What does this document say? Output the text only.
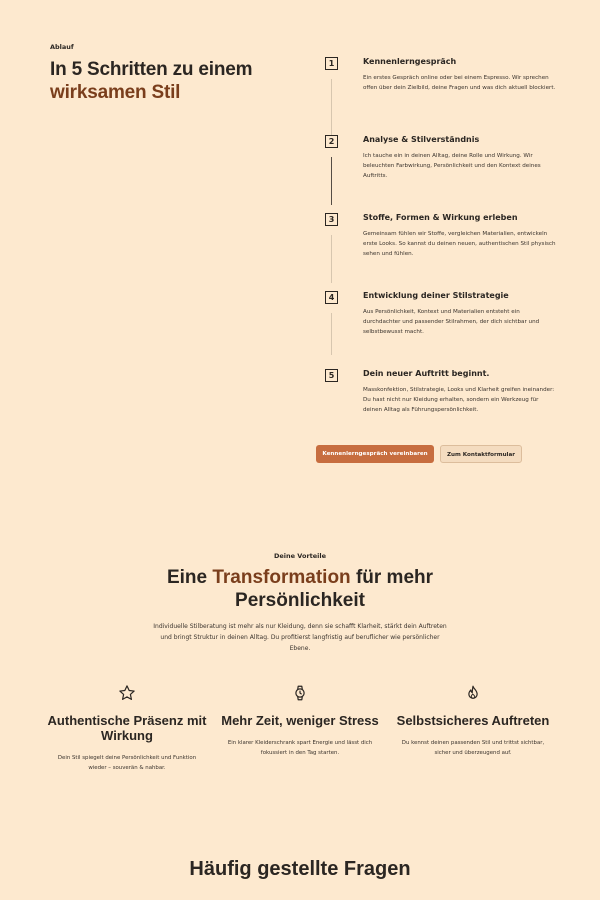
Ablauf
In 5 Schritten zu einem
wirksamen Stil
1	Kennenlerngespräch
Ein erstes Gespräch online oder bei einem Espresso. Wir sprechen offen über dein Zielbild, deine Fragen und was dich aktuell blockiert.
2	Analyse & Stilverständnis
Ich tauche ein in deinen Alltag, deine Rolle und Wirkung. Wir beleuchten Farbwirkung, Persönlichkeit und den Kontext deines Auftritts.
3	Stoffe, Formen & Wirkung erleben
Gemeinsam fühlen wir Stoffe, vergleichen Materialien, entwickeln erste Looks. So kannst du deinen neuen, authentischen Stil physisch sehen und fühlen.
4	Entwicklung deiner Stilstrategie
Aus Persönlichkeit, Kontext und Materialien entsteht ein durchdachter und passender Stilrahmen, der dich sichtbar und selbstbewusst macht.
5	Dein neuer Auftritt beginnt.
Masskonfektion, Stilstrategie, Looks und Klarheit greifen ineinander: Du hast nicht nur Kleidung erhalten, sondern ein Werkzeug für deinen Alltag als Führungspersönlichkeit.
Kennenlerngespräch vereinbaren	Zum Kontaktformular
Deine Vorteile
Eine Transformation für mehr Persönlichkeit

Individuelle Stilberatung ist mehr als nur Kleidung, denn sie schafft Klarheit, stärkt dein Auftreten und bringt Struktur in deinen Alltag. Du profitierst langfristig auf beruflicher wie persönlicher Ebene.

Authentische Präsenz mit Wirkung
Dein Stil spiegelt deine Persönlichkeit und Funktion wieder – souverän & nahbar.
Mehr Zeit, weniger Stress
Ein klarer Kleiderschrank spart Energie und lässt dich fokussiert in den Tag starten.
Selbstsicheres Auftreten
Du kennst deinen passenden Stil und trittst sichtbar, sicher und überzeugend auf.
Häufig gestellte Fragen
